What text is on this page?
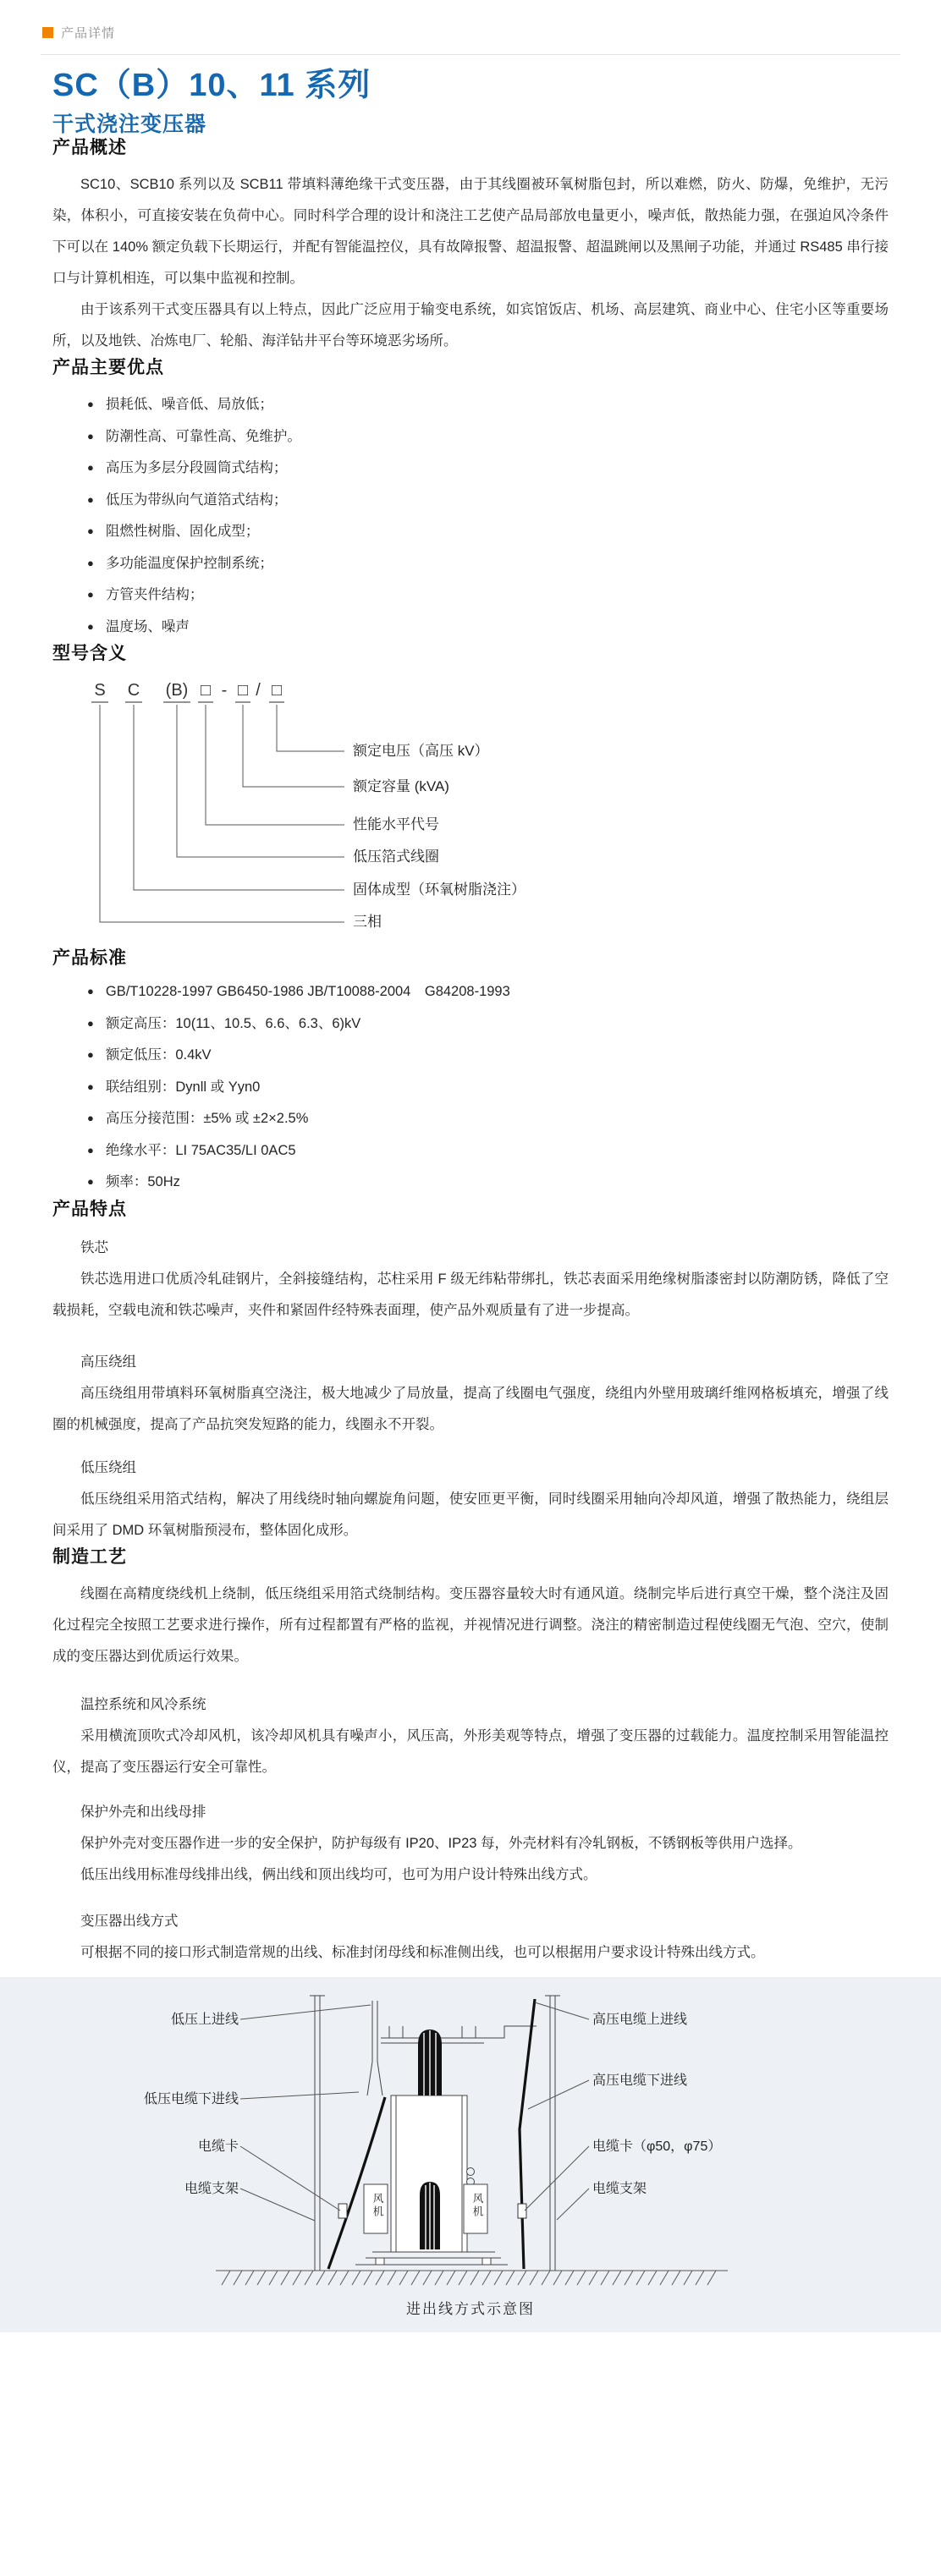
产品详情
SC（B）10、11 系列
干式浇注变压器
产品概述

SC10、SCB10 系列以及 SCB11 带填料薄绝缘干式变压器，由于其线圈被环氧树脂包封，所以难燃，防火、防爆，免维护，无污染，体积小，可直接安装在负荷中心。同时科学合理的设计和浇注工艺使产品局部放电量更小，噪声低，散热能力强，在强迫风冷条件下可以在 140% 额定负载下长期运行，并配有智能温控仪，具有故障报警、超温报警、超温跳闸以及黑闸子功能，并通过 RS485 串行接口与计算机相连，可以集中监视和控制。

由于该系列干式变压器具有以上特点，因此广泛应用于输变电系统，如宾馆饭店、机场、高层建筑、商业中心、住宅小区等重要场所，以及地铁、冶炼电厂、轮船、海洋钻井平台等环境恶劣场所。

产品主要优点
● 损耗低、噪音低、局放低；
● 防潮性高、可靠性高、免维护。
● 高压为多层分段圆筒式结构；
● 低压为带纵向气道箔式结构；
● 阻燃性树脂、固化成型；
● 多功能温度保护控制系统；
● 方管夹件结构；
● 温度场、噪声
型号含义
S C (B) □ - □ / □
额定电压（高压 kV）
额定容量 (kVA)
性能水平代号
低压箔式线圈
固体成型（环氧树脂浇注）
三相
产品标准
● GB/T10228-1997 GB6450-1986 JB/T10088-2004　G84208-1993
● 额定高压：10(11、10.5、6.6、6.3、6)kV
● 额定低压：0.4kV
● 联结组别：Dynll 或 Yyn0
● 高压分接范围：±5% 或 ±2×2.5%
● 绝缘水平：LI 75AC35/LI 0AC5
● 频率：50Hz
产品特点

铁芯

铁芯选用进口优质冷轧硅钢片，全斜接缝结构，芯柱采用 F 级无纬粘带绑扎，铁芯表面采用绝缘树脂漆密封以防潮防锈，降低了空载损耗，空载电流和铁芯噪声，夹件和紧固件经特殊表面理，使产品外观质量有了进一步提高。

高压绕组

高压绕组用带填料环氧树脂真空浇注，极大地减少了局放量，提高了线圈电气强度，绕组内外壁用玻璃纤维网格板填充，增强了线圈的机械强度，提高了产品抗突发短路的能力，线圈永不开裂。

低压绕组

低压绕组采用箔式结构，解决了用线绕时轴向螺旋角问题，使安匝更平衡，同时线圈采用轴向冷却风道，增强了散热能力，绕组层间采用了 DMD 环氧树脂预浸布，整体固化成形。

制造工艺

线圈在高精度绕线机上绕制，低压绕组采用箔式绕制结构。变压器容量较大时有通风道。绕制完毕后进行真空干燥，整个浇注及固化过程完全按照工艺要求进行操作，所有过程都置有严格的监视，并视情况进行调整。浇注的精密制造过程使线圈无气泡、空穴，使制成的变压器达到优质运行效果。

温控系统和风冷系统

采用横流顶吹式冷却风机，该冷却风机具有噪声小，风压高，外形美观等特点，增强了变压器的过载能力。温度控制采用智能温控仪，提高了变压器运行安全可靠性。

保护外壳和出线母排

保护外壳对变压器作进一步的安全保护，防护每级有 IP20、IP23 每，外壳材料有冷轧钢板，不锈钢板等供用户选择。

低压出线用标准母线排出线，俩出线和顶出线均可，也可为用户设计特殊出线方式。

变压器出线方式

可根据不同的接口形式制造常规的出线、标准封闭母线和标准侧出线，也可以根据用户要求设计特殊出线方式。

低压上进线
低压电缆下进线
电缆卡
电缆支架
高压电缆上进线
高压电缆下进线
电缆卡（φ50，φ75）
电缆支架
风机	风机
进出线方式示意图
